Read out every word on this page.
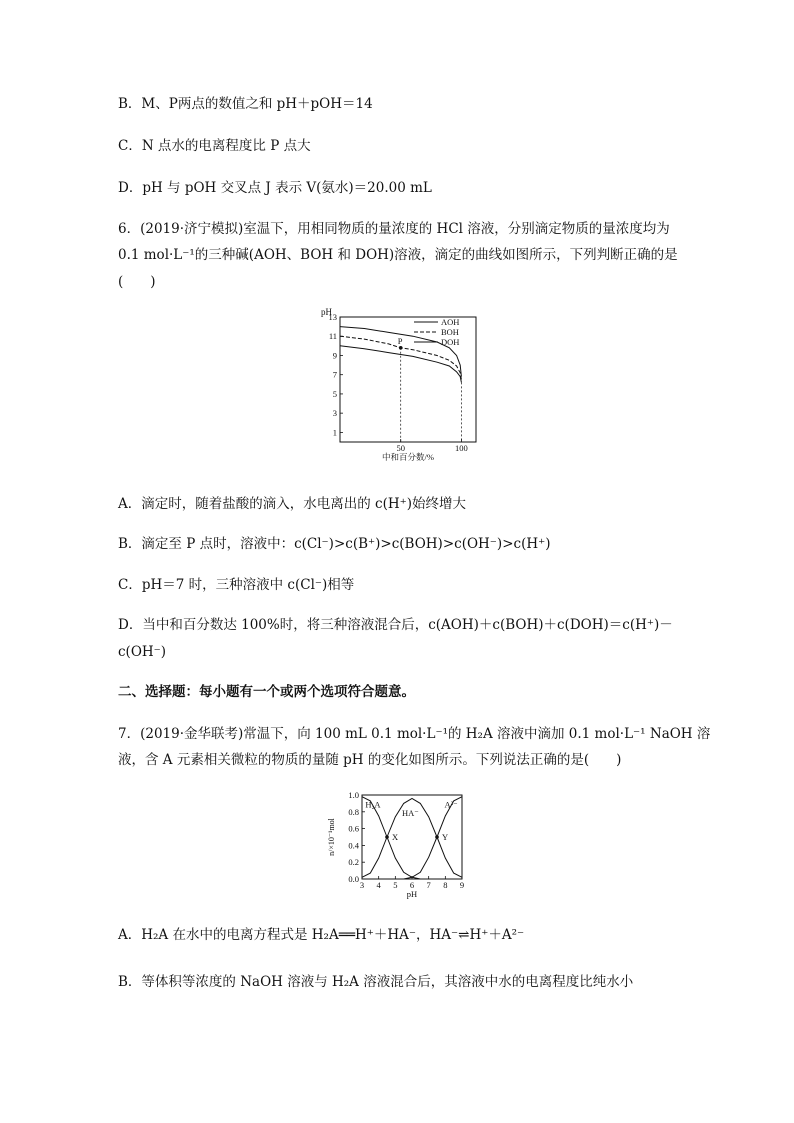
B．M、P两点的数值之和 pH＋pOH＝14
C．N 点水的电离程度比 P 点大
D．pH 与 pOH 交叉点 J 表示 V(氨水)＝20.00 mL
6．(2019·济宁模拟)室温下，用相同物质的量浓度的 HCl 溶液，分别滴定物质的量浓度均为
0.1 mol·L⁻¹的三种碱(AOH、BOH 和 DOH)溶液，滴定的曲线如图所示，下列判断正确的是
(　　)
pH
1
3
5
7
9
11
13
50	100
中和百分数/%
AOH
BOH
DOH
P
A．滴定时，随着盐酸的滴入，水电离出的 c(H⁺)始终增大
B．滴定至 P 点时，溶液中：c(Cl⁻)>c(B⁺)>c(BOH)>c(OH⁻)>c(H⁺)
C．pH＝7 时，三种溶液中 c(Cl⁻)相等
D．当中和百分数达 100%时，将三种溶液混合后，c(AOH)＋c(BOH)＋c(DOH)＝c(H⁺)－
c(OH⁻)
二、选择题：每小题有一个或两个选项符合题意。
7．(2019·金华联考)常温下，向 100 mL 0.1 mol·L⁻¹的 H₂A 溶液中滴加 0.1 mol·L⁻¹ NaOH 溶
液，含 A 元素相关微粒的物质的量随 pH 的变化如图所示。下列说法正确的是(　　)
0.0
0.2
0.4
0.6
0.8
1.0
3 4 5 6 7 8 9
pH
n/×10⁻¹mol
H₂A
HA⁻
A²⁻
X	Y
A．H₂A 在水中的电离方程式是 H₂A══H⁺＋HA⁻，HA⁻⇌H⁺＋A²⁻
B．等体积等浓度的 NaOH 溶液与 H₂A 溶液混合后，其溶液中水的电离程度比纯水小
